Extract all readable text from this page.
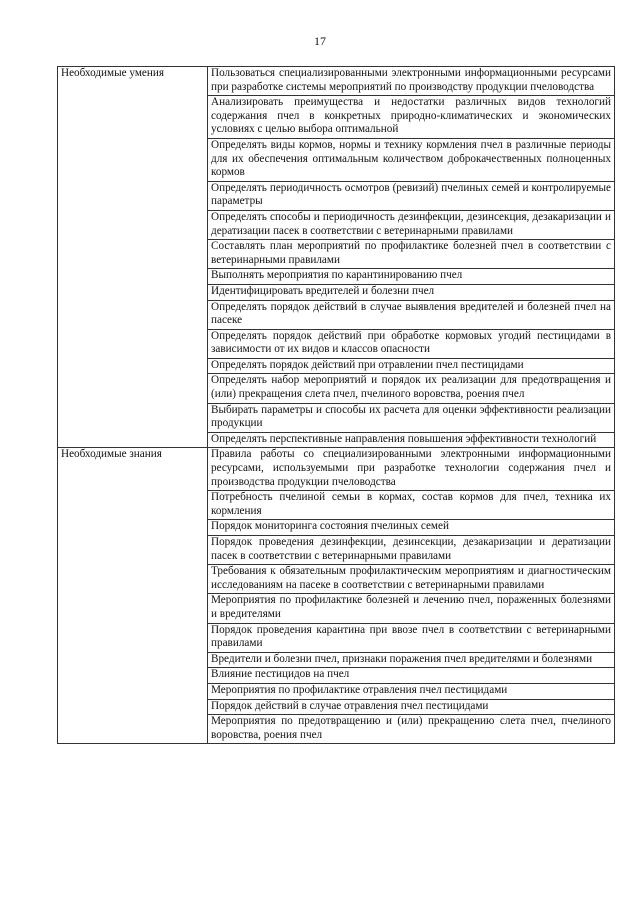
17
Необходимые умения	Пользоваться специализированными электронными информационными ресурсами при разработке системы мероприятий по производству продукции пчеловодства
	Анализировать преимущества и недостатки различных видов технологий содержания пчел в конкретных природно-климатических и экономических условиях с целью выбора оптимальной
	Определять виды кормов, нормы и технику кормления пчел в различные периоды для их обеспечения оптимальным количеством доброкачественных полноценных кормов
	Определять периодичность осмотров (ревизий) пчелиных семей и контролируемые параметры
	Определять способы и периодичность дезинфекции, дезинсекция, дезакаризации и дератизации пасек в соответствии с ветеринарными правилами
	Составлять план мероприятий по профилактике болезней пчел в соответствии с ветеринарными правилами
	Выполнять мероприятия по карантинированию пчел
	Идентифицировать вредителей и болезни пчел
	Определять порядок действий в случае выявления вредителей и болезней пчел на пасеке
	Определять порядок действий при обработке кормовых угодий пестицидами в зависимости от их видов и классов опасности
	Определять порядок действий при отравлении пчел пестицидами
	Определять набор мероприятий и порядок их реализации для предотвращения и (или) прекращения слета пчел, пчелиного воровства, роения пчел
	Выбирать параметры и способы их расчета для оценки эффективности реализации продукции
	Определять перспективные направления повышения эффективности технологий
Необходимые знания	Правила работы со специализированными электронными информационными ресурсами, используемыми при разработке технологии содержания пчел и производства продукции пчеловодства
	Потребность пчелиной семьи в кормах, состав кормов для пчел, техника их кормления
	Порядок мониторинга состояния пчелиных семей
	Порядок проведения дезинфекции, дезинсекции, дезакаризации и дератизации пасек в соответствии с ветеринарными правилами
	Требования к обязательным профилактическим мероприятиям и диагностическим исследованиям на пасеке в соответствии с ветеринарными правилами
	Мероприятия по профилактике болезней и лечению пчел, пораженных болезнями и вредителями
	Порядок проведения карантина при ввозе пчел в соответствии с ветеринарными правилами
	Вредители и болезни пчел, признаки поражения пчел вредителями и болезнями
	Влияние пестицидов на пчел
	Мероприятия по профилактике отравления пчел пестицидами
	Порядок действий в случае отравления пчел пестицидами
	Мероприятия по предотвращению и (или) прекращению слета пчел, пчелиного воровства, роения пчел
